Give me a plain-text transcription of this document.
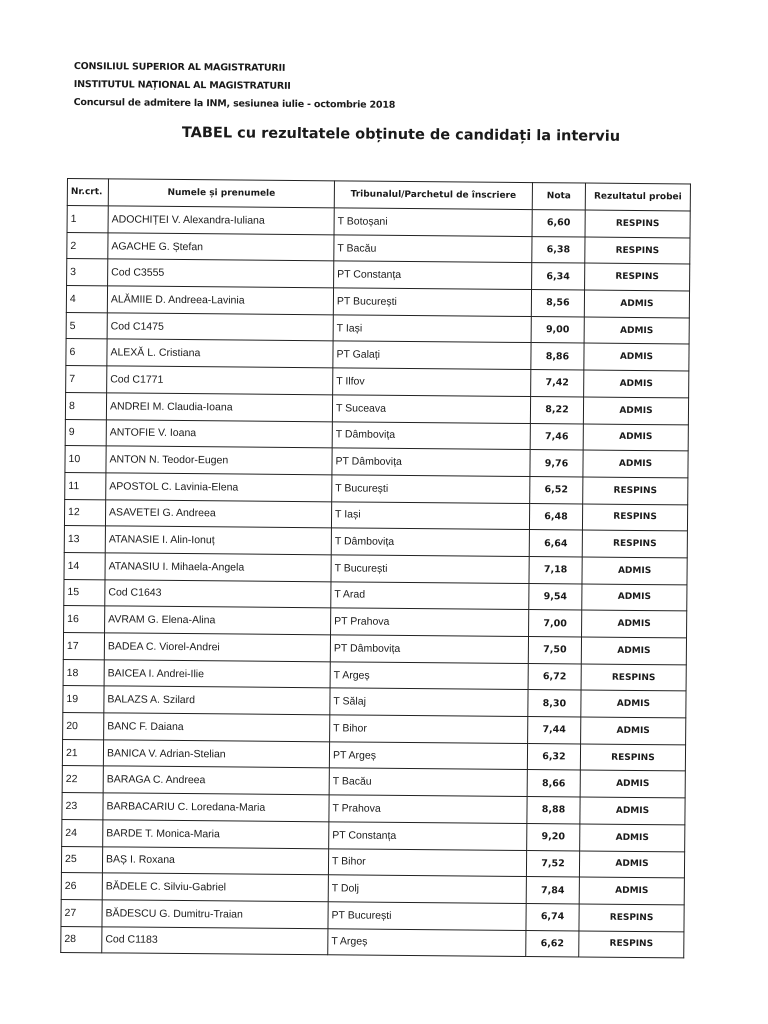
CONSILIUL SUPERIOR AL MAGISTRATURII
INSTITUTUL NAȚIONAL AL MAGISTRATURII
Concursul de admitere la INM, sesiunea iulie - octombrie 2018
TABEL cu rezultatele obținute de candidați la interviu
Nr.crt.	Numele și prenumele	Tribunalul/Parchetul de înscriere	Nota	Rezultatul probei
1	ADOCHIȚEI V. Alexandra-Iuliana	T Botoșani	6,60	RESPINS
2	AGACHE G. Ștefan	T Bacău	6,38	RESPINS
3	Cod C3555	PT Constanța	6,34	RESPINS
4	ALĂMIIE D. Andreea-Lavinia	PT București	8,56	ADMIS
5	Cod C1475	T Iași	9,00	ADMIS
6	ALEXĂ L. Cristiana	PT Galați	8,86	ADMIS
7	Cod C1771	T Ilfov	7,42	ADMIS
8	ANDREI M. Claudia-Ioana	T Suceava	8,22	ADMIS
9	ANTOFIE V. Ioana	T Dâmbovița	7,46	ADMIS
10	ANTON N. Teodor-Eugen	PT Dâmbovița	9,76	ADMIS
11	APOSTOL C. Lavinia-Elena	T București	6,52	RESPINS
12	ASAVETEI G. Andreea	T Iași	6,48	RESPINS
13	ATANASIE I. Alin-Ionuț	T Dâmbovița	6,64	RESPINS
14	ATANASIU I. Mihaela-Angela	T București	7,18	ADMIS
15	Cod C1643	T Arad	9,54	ADMIS
16	AVRAM G. Elena-Alina	PT Prahova	7,00	ADMIS
17	BADEA C. Viorel-Andrei	PT Dâmbovița	7,50	ADMIS
18	BAICEA I. Andrei-Ilie	T Argeș	6,72	RESPINS
19	BALAZS A. Szilard	T Sălaj	8,30	ADMIS
20	BANC F. Daiana	T Bihor	7,44	ADMIS
21	BANICA V. Adrian-Stelian	PT Argeș	6,32	RESPINS
22	BARAGA C. Andreea	T Bacău	8,66	ADMIS
23	BARBACARIU C. Loredana-Maria	T Prahova	8,88	ADMIS
24	BARDE T. Monica-Maria	PT Constanța	9,20	ADMIS
25	BAȘ I. Roxana	T Bihor	7,52	ADMIS
26	BĂDELE C. Silviu-Gabriel	T Dolj	7,84	ADMIS
27	BĂDESCU G. Dumitru-Traian	PT București	6,74	RESPINS
28	Cod C1183	T Argeș	6,62	RESPINS
